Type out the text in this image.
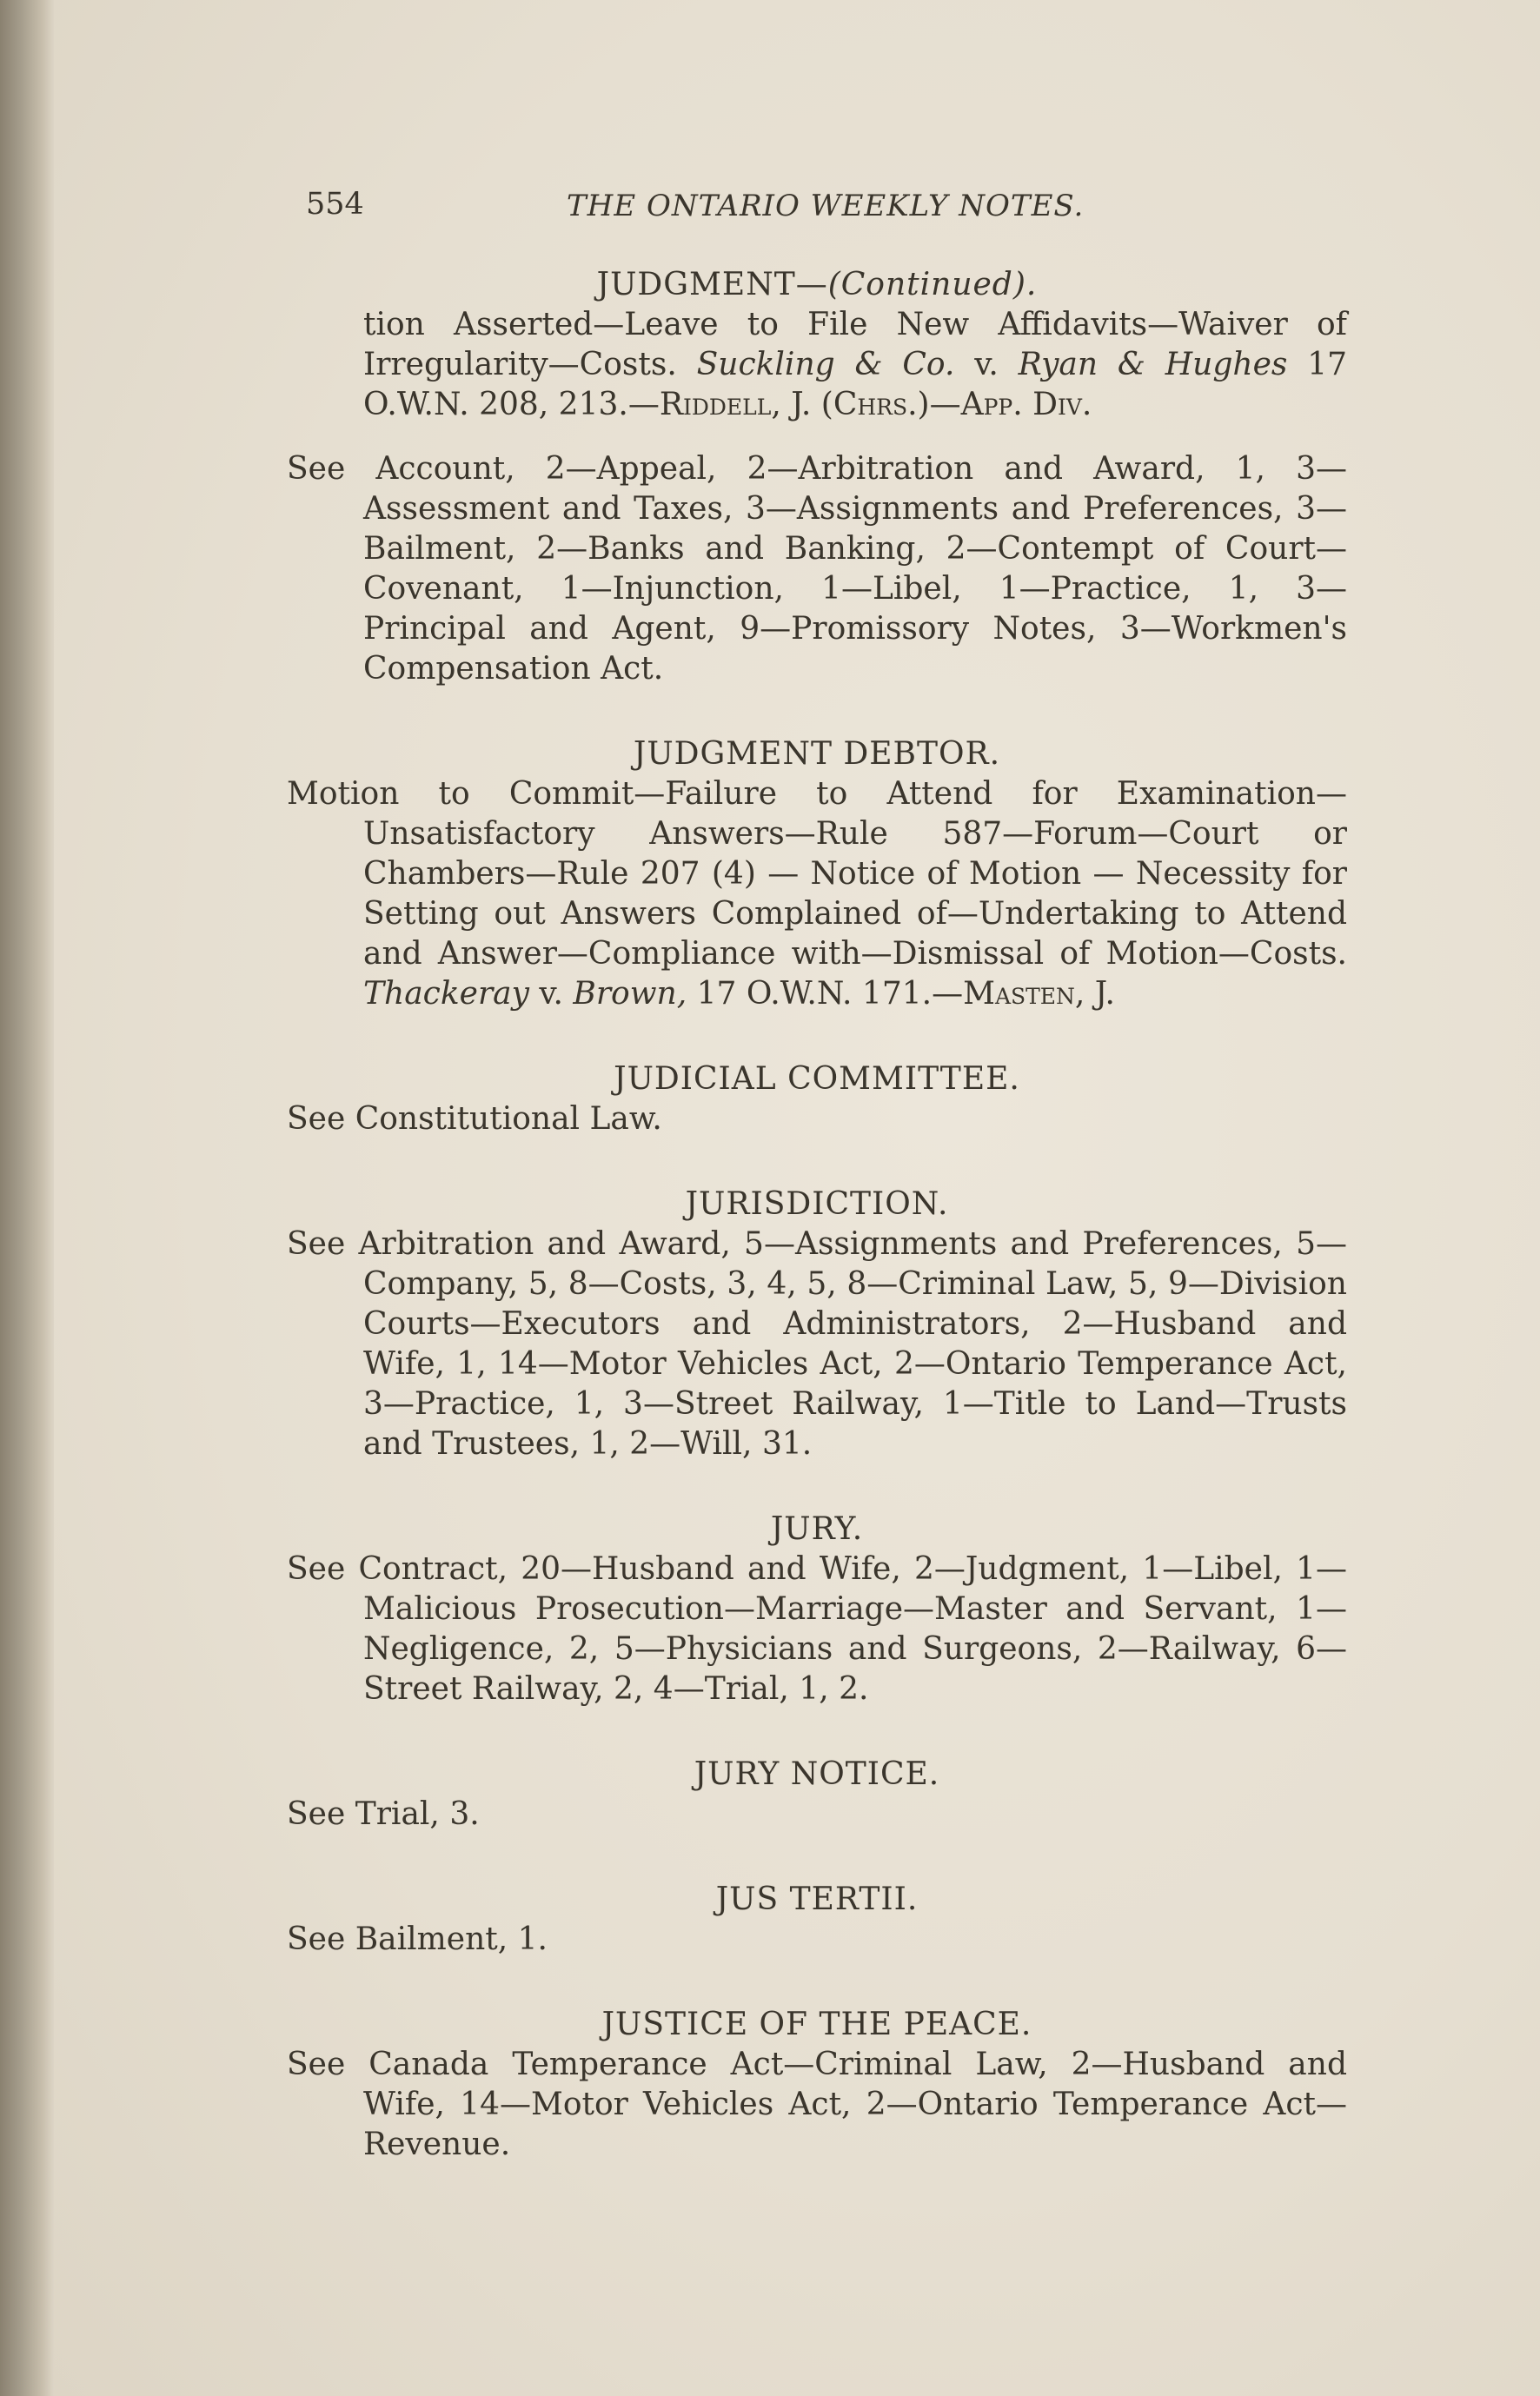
554	THE ONTARIO WEEKLY NOTES.

JUDGMENT—(Continued).

tion Asserted—Leave to File New Affidavits—Waiver of Irregularity—Costs. Suckling & Co. v. Ryan & Hughes 17 O.W.N. 208, 213.—Riddell, J. (Chrs.)—App. Div.

See Account, 2—Appeal, 2—Arbitration and Award, 1, 3—Assessment and Taxes, 3—Assignments and Preferences, 3—Bailment, 2—Banks and Banking, 2—Contempt of Court—Covenant, 1—Injunction, 1—Libel, 1—Practice, 1, 3—Principal and Agent, 9—Promissory Notes, 3—Workmen's Compensation Act.

JUDGMENT DEBTOR.

Motion to Commit—Failure to Attend for Examination—Unsatisfactory Answers—Rule 587—Forum—Court or Chambers—Rule 207 (4) — Notice of Motion — Necessity for Setting out Answers Complained of—Undertaking to Attend and Answer—Compliance with—Dismissal of Motion—Costs. Thackeray v. Brown, 17 O.W.N. 171.—Masten, J.

JUDICIAL COMMITTEE.

See Constitutional Law.

JURISDICTION.

See Arbitration and Award, 5—Assignments and Preferences, 5—Company, 5, 8—Costs, 3, 4, 5, 8—Criminal Law, 5, 9—Division Courts—Executors and Administrators, 2—Husband and Wife, 1, 14—Motor Vehicles Act, 2—Ontario Temperance Act, 3—Practice, 1, 3—Street Railway, 1—Title to Land—Trusts and Trustees, 1, 2—Will, 31.

JURY.

See Contract, 20—Husband and Wife, 2—Judgment, 1—Libel, 1—Malicious Prosecution—Marriage—Master and Servant, 1—Negligence, 2, 5—Physicians and Surgeons, 2—Railway, 6—Street Railway, 2, 4—Trial, 1, 2.

JURY NOTICE.

See Trial, 3.

JUS TERTII.

See Bailment, 1.

JUSTICE OF THE PEACE.

See Canada Temperance Act—Criminal Law, 2—Husband and Wife, 14—Motor Vehicles Act, 2—Ontario Temperance Act—Revenue.
